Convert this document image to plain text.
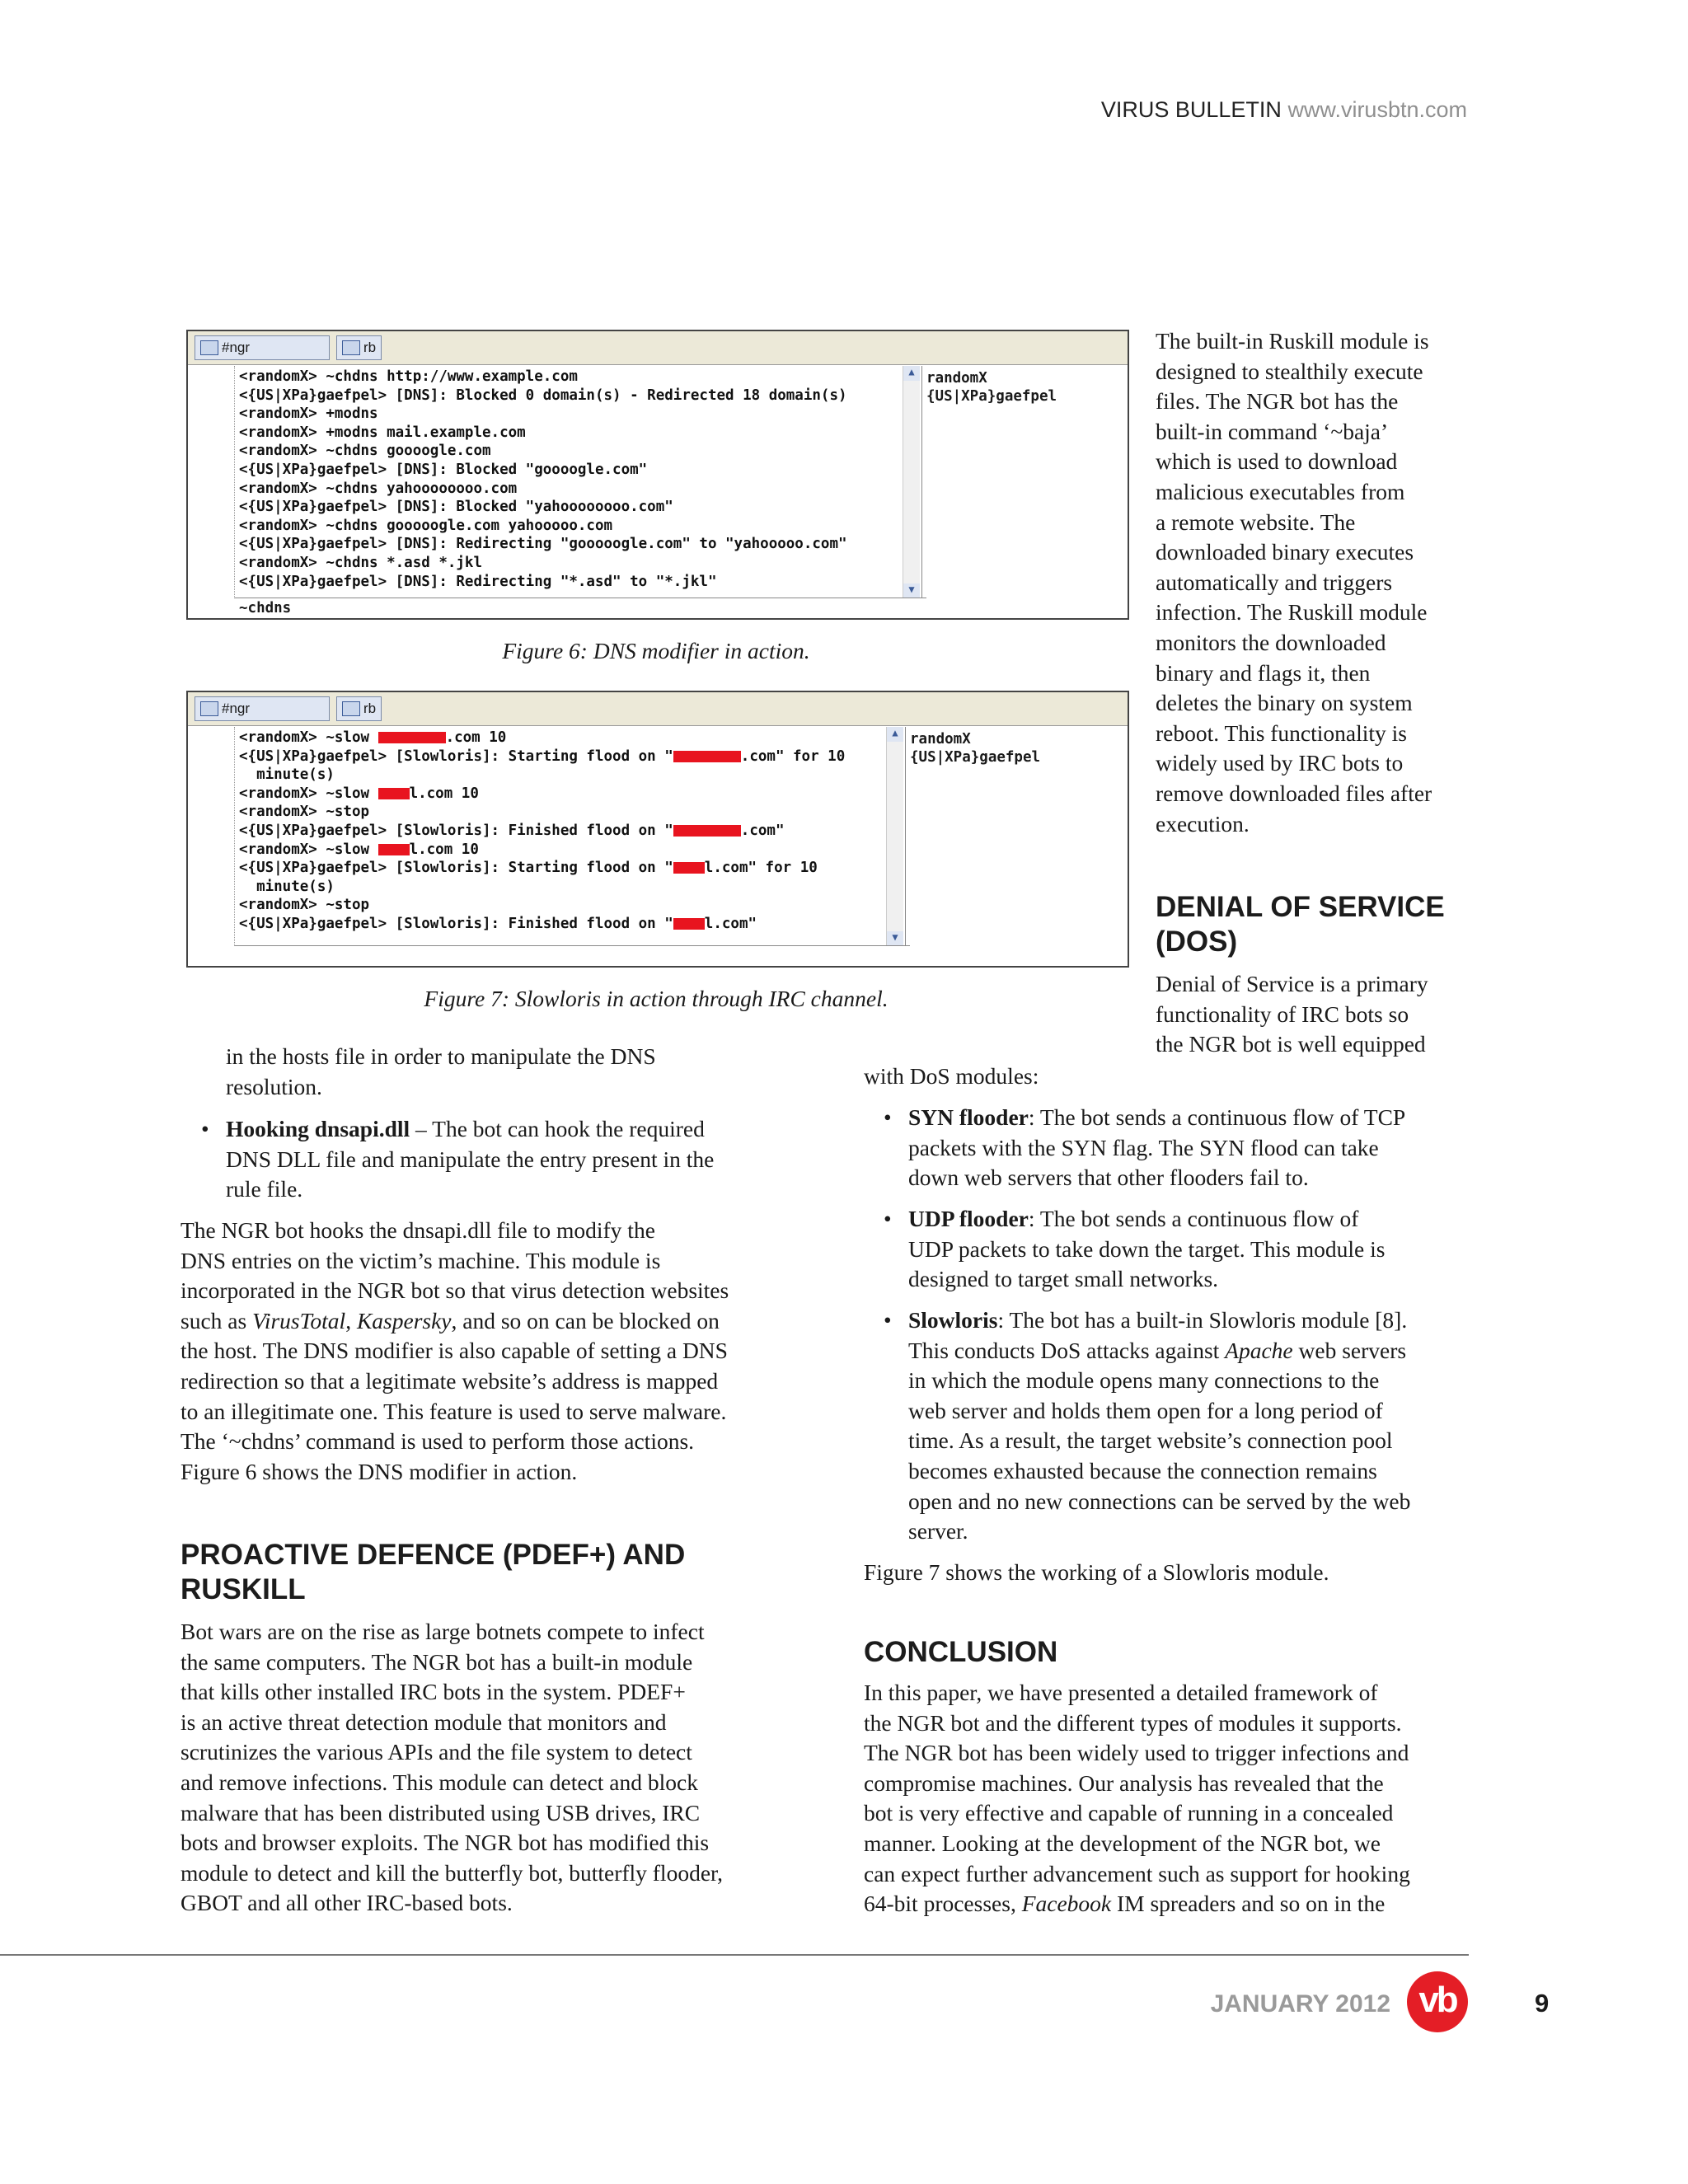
VIRUS BULLETIN www.virusbtn.com
#ngr	rb
<randomX> ~chdns http://www.example.com
<{US|XPa}gaefpel> [DNS]: Blocked 0 domain(s) - Redirected 18 domain(s)
<randomX> +modns
<randomX> +modns mail.example.com
<randomX> ~chdns goooogle.com
<{US|XPa}gaefpel> [DNS]: Blocked "goooogle.com"
<randomX> ~chdns yahoooooooo.com
<{US|XPa}gaefpel> [DNS]: Blocked "yahoooooooo.com"
<randomX> ~chdns gooooogle.com yahooooo.com
<{US|XPa}gaefpel> [DNS]: Redirecting "gooooogle.com" to "yahooooo.com"
<randomX> ~chdns *.asd *.jkl
<{US|XPa}gaefpel> [DNS]: Redirecting "*.asd" to "*.jkl"
▲
▼
~chdns
randomX
{US|XPa}gaefpel
Figure 6: DNS modifier in action.
#ngr	rb
<randomX> ~slow	.com 10
<{US|XPa}gaefpel> [Slowloris]: Starting flood on "	.com" for 10
minute(s)
<randomX> ~slow l.com 10
<randomX> ~stop
<{US|XPa}gaefpel> [Slowloris]: Finished flood on "	.com"
<randomX> ~slow l.com 10
<{US|XPa}gaefpel> [Slowloris]: Starting flood on " l.com" for 10
minute(s)
<randomX> ~stop
<{US|XPa}gaefpel> [Slowloris]: Finished flood on " l.com"
▲
▼
randomX
{US|XPa}gaefpel
Figure 7: Slowloris in action through IRC channel.

The built-in Ruskill module is
designed to stealthily execute
files. The NGR bot has the
built-in command ‘~baja’
which is used to download
malicious executables from
a remote website. The
downloaded binary executes
automatically and triggers
infection. The Ruskill module
monitors the downloaded
binary and flags it, then
deletes the binary on system
reboot. This functionality is
widely used by IRC bots to
remove downloaded files after
execution.

DENIAL OF SERVICE
(DOS)

Denial of Service is a primary
functionality of IRC bots so
the NGR bot is well equipped

in the hosts file in order to manipulate the DNS
resolution.

• Hooking dnsapi.dll – The bot can hook the required
DNS DLL file and manipulate the entry present in the
rule file.

The NGR bot hooks the dnsapi.dll file to modify the
DNS entries on the victim’s machine. This module is
incorporated in the NGR bot so that virus detection websites
such as VirusTotal, Kaspersky, and so on can be blocked on
the host. The DNS modifier is also capable of setting a DNS
redirection so that a legitimate website’s address is mapped
to an illegitimate one. This feature is used to serve malware.
The ‘~chdns’ command is used to perform those actions.
Figure 6 shows the DNS modifier in action.

PROACTIVE DEFENCE (PDEF+) AND
RUSKILL

Bot wars are on the rise as large botnets compete to infect
the same computers. The NGR bot has a built-in module
that kills other installed IRC bots in the system. PDEF+
is an active threat detection module that monitors and
scrutinizes the various APIs and the file system to detect
and remove infections. This module can detect and block
malware that has been distributed using USB drives, IRC
bots and browser exploits. The NGR bot has modified this
module to detect and kill the butterfly bot, butterfly flooder,
GBOT and all other IRC-based bots.

with DoS modules:

• SYN flooder: The bot sends a continuous flow of TCP
packets with the SYN flag. The SYN flood can take
down web servers that other flooders fail to.

• UDP flooder: The bot sends a continuous flow of
UDP packets to take down the target. This module is
designed to target small networks.

• Slowloris: The bot has a built-in Slowloris module [8].
This conducts DoS attacks against Apache web servers
in which the module opens many connections to the
web server and holds them open for a long period of
time. As a result, the target website’s connection pool
becomes exhausted because the connection remains
open and no new connections can be served by the web
server.

Figure 7 shows the working of a Slowloris module.

CONCLUSION

In this paper, we have presented a detailed framework of
the NGR bot and the different types of modules it supports.
The NGR bot has been widely used to trigger infections and
compromise machines. Our analysis has revealed that the
bot is very effective and capable of running in a concealed
manner. Looking at the development of the NGR bot, we
can expect further advancement such as support for hooking
64-bit processes, Facebook IM spreaders and so on in the

JANUARY 2012 vb	9
